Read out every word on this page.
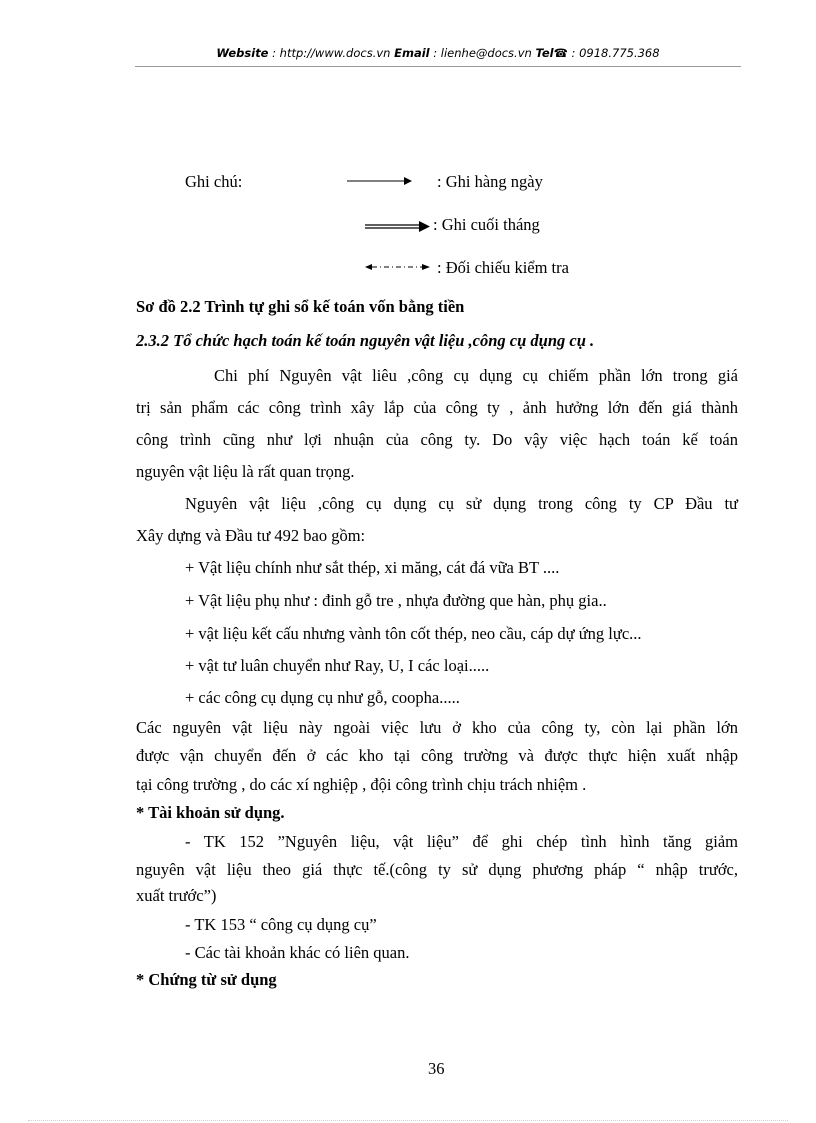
Website : http://www.docs.vn Email : lienhe@docs.vn Tel☎ : 0918.775.368
Ghi chú:	: Ghi hàng ngày
: Ghi cuối tháng
: Đối chiếu kiểm tra
Sơ đồ 2.2 Trình tự ghi sổ kế toán vốn bằng tiền
2.3.2 Tổ chức hạch toán kế toán nguyên vật liệu ,công cụ dụng cụ .
Chi phí Nguyên vật liêu ,công cụ dụng cụ chiếm phần lớn trong giá
trị sản phẩm các công trình xây lắp của công ty , ảnh hưởng lớn đến giá thành
công trình cũng như lợi nhuận của công ty. Do vậy việc hạch toán kế toán
nguyên vật liệu là rất quan trọng.
Nguyên vật liệu ,công cụ dụng cụ sử dụng trong công ty CP Đầu tư
Xây dựng và Đầu tư 492 bao gồm:
+ Vật liệu chính như sắt thép, xi măng, cát đá vữa BT ....
+ Vật liệu phụ như : đinh gỗ tre , nhựa đường que hàn, phụ gia..
+ vật liệu kết cấu nhưng vành tôn cốt thép, neo cầu, cáp dự ứng lực...
+ vật tư luân chuyển như Ray, U, I các loại.....
+ các công cụ dụng cụ như gỗ, coopha.....
Các nguyên vật liệu này ngoài việc lưu ở kho của công ty, còn lại phần lớn
được vận chuyển đến ở các kho tại công trường và được thực hiện xuất nhập
tại công trường , do các xí nghiệp , đội công trình chịu trách nhiệm .
* Tài khoản sử dụng.
- TK 152 ”Nguyên liệu, vật liệu” để ghi chép tình hình tăng giảm
nguyên vật liệu theo giá thực tế.(công ty sử dụng phương pháp “ nhập trước,
xuất trước”)
- TK 153 “ công cụ dụng cụ”
- Các tài khoản khác có liên quan.
* Chứng từ sử dụng
36
